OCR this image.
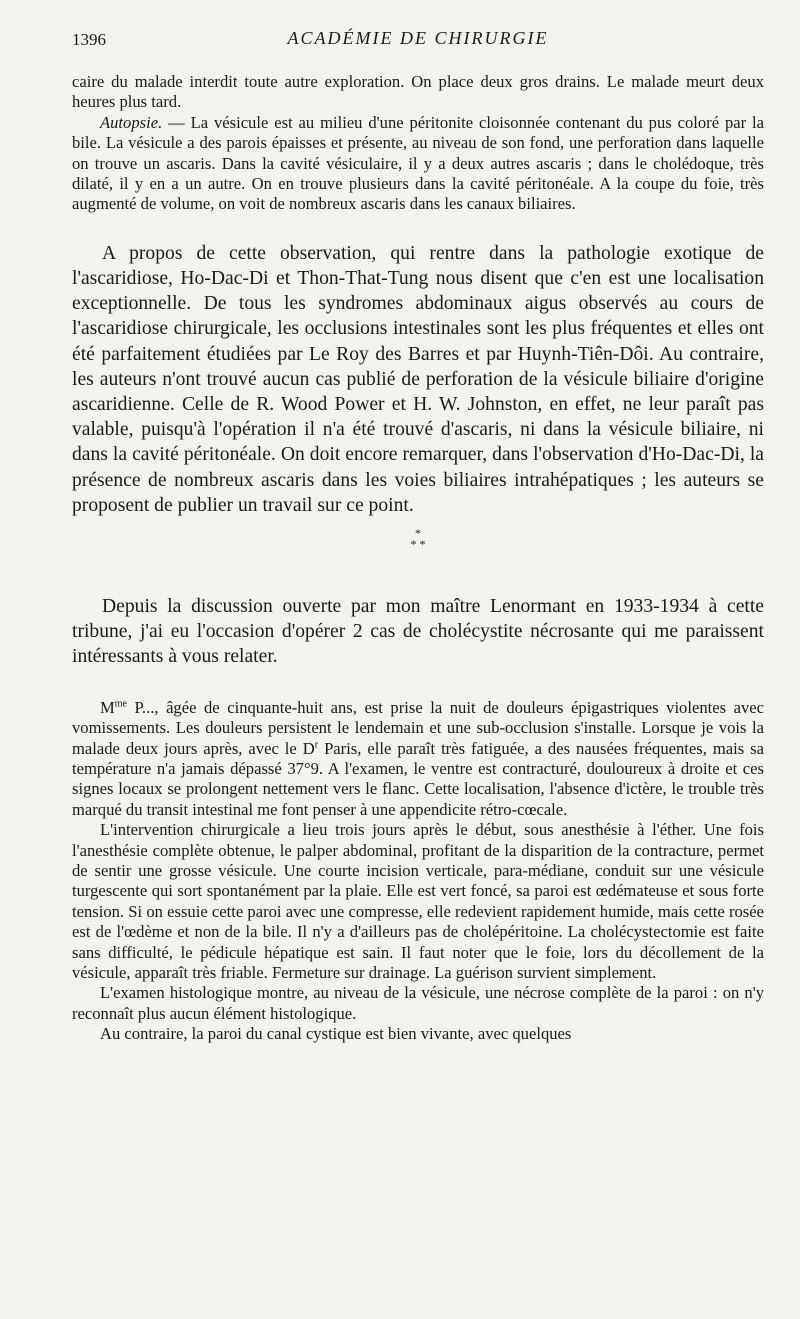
1396	ACADÉMIE DE CHIRURGIE

caire du malade interdit toute autre exploration. On place deux gros drains. Le malade meurt deux heures plus tard.

Autopsie. — La vésicule est au milieu d'une péritonite cloisonnée contenant du pus coloré par la bile. La vésicule a des parois épaisses et présente, au niveau de son fond, une perforation dans laquelle on trouve un ascaris. Dans la cavité vésiculaire, il y a deux autres ascaris ; dans le cholédoque, très dilaté, il y en a un autre. On en trouve plusieurs dans la cavité péritonéale. A la coupe du foie, très augmenté de volume, on voit de nombreux ascaris dans les canaux biliaires.

A propos de cette observation, qui rentre dans la pathologie exotique de l'ascaridiose, Ho-Dac-Di et Thon-That-Tung nous disent que c'en est une localisation exceptionnelle. De tous les syndromes abdominaux aigus observés au cours de l'ascaridiose chirurgicale, les occlusions intestinales sont les plus fréquentes et elles ont été parfaitement étudiées par Le Roy des Barres et par Huynh-Tiên-Dôi. Au contraire, les auteurs n'ont trouvé aucun cas publié de perforation de la vésicule biliaire d'origine ascaridienne. Celle de R. Wood Power et H. W. Johnston, en effet, ne leur paraît pas valable, puisqu'à l'opération il n'a été trouvé d'ascaris, ni dans la vésicule biliaire, ni dans la cavité péritonéale. On doit encore remarquer, dans l'observation d'Ho-Dac-Di, la présence de nombreux ascaris dans les voies biliaires intrahépatiques ; les auteurs se proposent de publier un travail sur ce point.

*
* *

Depuis la discussion ouverte par mon maître Lenormant en 1933-1934 à cette tribune, j'ai eu l'occasion d'opérer 2 cas de cholécystite nécrosante qui me paraissent intéressants à vous relater.

$M^{me}$ P..., âgée de cinquante-huit ans, est prise la nuit de douleurs épigastriques violentes avec vomissements. Les douleurs persistent le lendemain et une sub-occlusion s'installe. Lorsque je vois la malade deux jours après, avec le $D^r$ Paris, elle paraît très fatiguée, a des nausées fréquentes, mais sa température n'a jamais dépassé 37°9. A l'examen, le ventre est contracturé, douloureux à droite et ces signes locaux se prolongent nettement vers le flanc. Cette localisation, l'absence d'ictère, le trouble très marqué du transit intestinal me font penser à une appendicite rétro-cœcale.

L'intervention chirurgicale a lieu trois jours après le début, sous anesthésie à l'éther. Une fois l'anesthésie complète obtenue, le palper abdominal, profitant de la disparition de la contracture, permet de sentir une grosse vésicule. Une courte incision verticale, para-médiane, conduit sur une vésicule turgescente qui sort spontanément par la plaie. Elle est vert foncé, sa paroi est œdémateuse et sous forte tension. Si on essuie cette paroi avec une compresse, elle redevient rapidement humide, mais cette rosée est de l'œdème et non de la bile. Il n'y a d'ailleurs pas de cholépéritoine. La cholécystectomie est faite sans difficulté, le pédicule hépatique est sain. Il faut noter que le foie, lors du décollement de la vésicule, apparaît très friable. Fermeture sur drainage. La guérison survient simplement.

L'examen histologique montre, au niveau de la vésicule, une nécrose complète de la paroi : on n'y reconnaît plus aucun élément histologique.

Au contraire, la paroi du canal cystique est bien vivante, avec quelques
